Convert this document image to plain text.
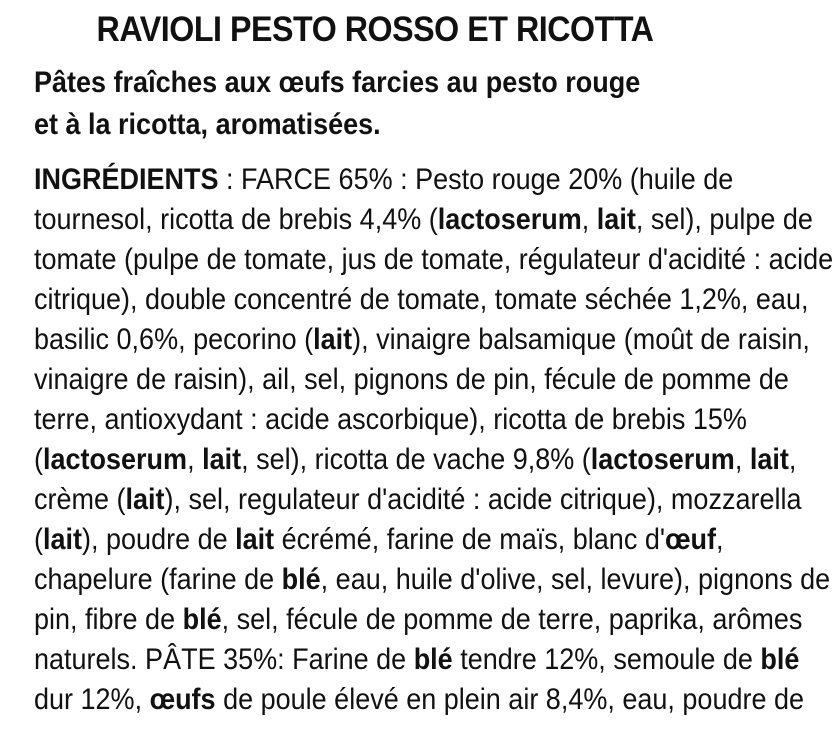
RAVIOLI PESTO ROSSO ET RICOTTA
Pâtes fraîches aux œufs farcies au pesto rouge
et à la ricotta, aromatisées.
INGRÉDIENTS : FARCE 65% : Pesto rouge 20% (huile de
tournesol, ricotta de brebis 4,4% (lactoserum, lait, sel), pulpe de
tomate (pulpe de tomate, jus de tomate, régulateur d'acidité : acide
citrique), double concentré de tomate, tomate séchée 1,2%, eau,
basilic 0,6%, pecorino (lait), vinaigre balsamique (moût de raisin,
vinaigre de raisin), ail, sel, pignons de pin, fécule de pomme de
terre, antioxydant : acide ascorbique), ricotta de brebis 15%
(lactoserum, lait, sel), ricotta de vache 9,8% (lactoserum, lait,
crème (lait), sel, regulateur d'acidité : acide citrique), mozzarella
(lait), poudre de lait écrémé, farine de maïs, blanc d'œuf,
chapelure (farine de blé, eau, huile d'olive, sel, levure), pignons de
pin, fibre de blé, sel, fécule de pomme de terre, paprika, arômes
naturels. PÂTE 35%: Farine de blé tendre 12%, semoule de blé
dur 12%, œufs de poule élevé en plein air 8,4%, eau, poudre de
